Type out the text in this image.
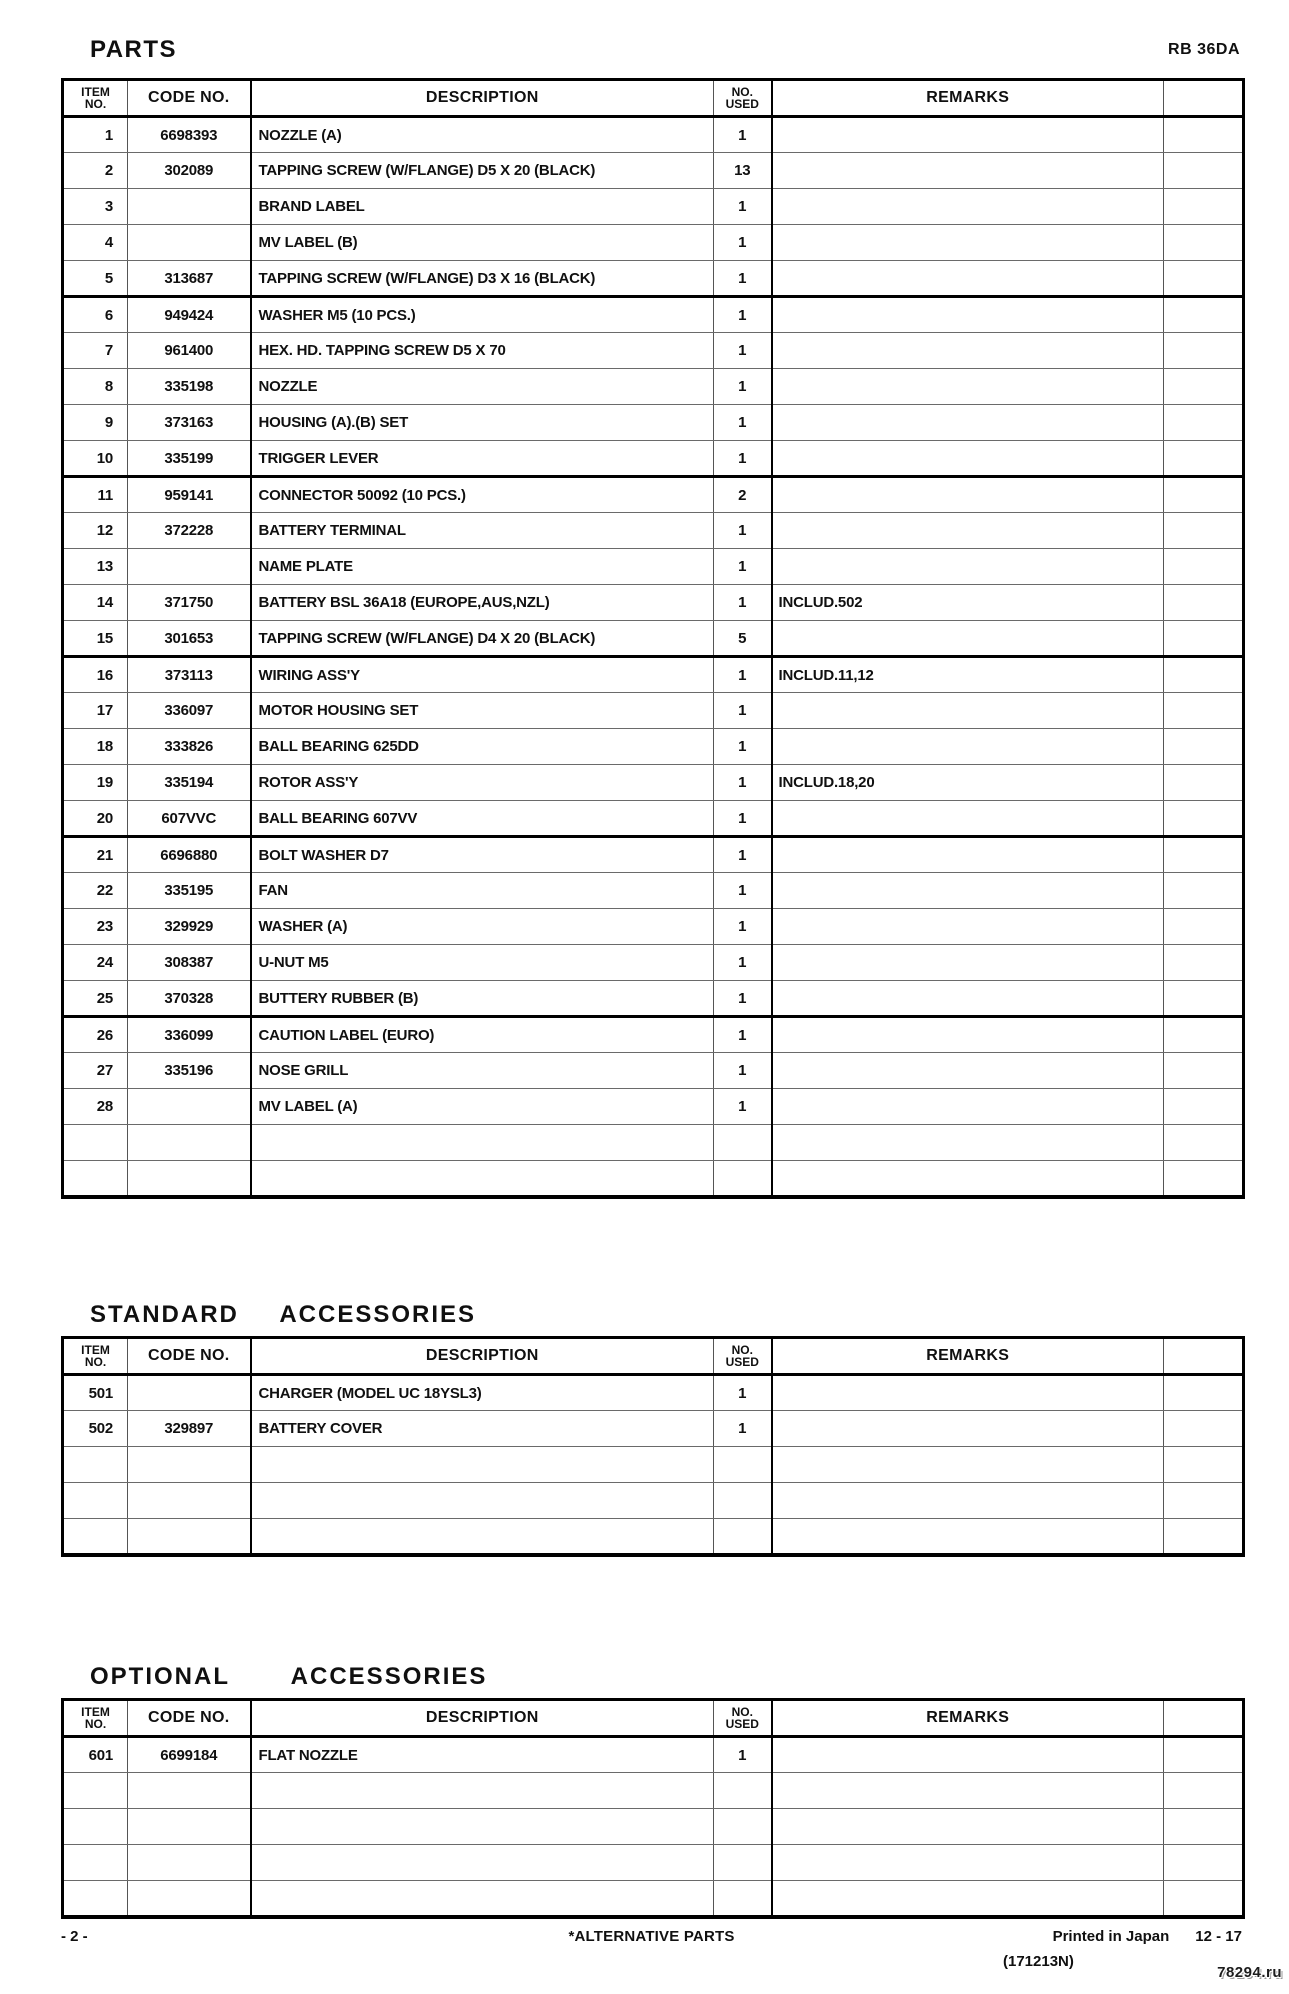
PARTS	RB 36DA
ITEM
NO.	CODE NO.	DESCRIPTION	NO.
USED	REMARKS	
1	6698393	NOZZLE (A)	1		
2	302089	TAPPING SCREW (W/FLANGE) D5 X 20 (BLACK)	13		
3		BRAND LABEL	1		
4		MV LABEL (B)	1		
5	313687	TAPPING SCREW (W/FLANGE) D3 X 16 (BLACK)	1		
6	949424	WASHER M5 (10 PCS.)	1		
7	961400	HEX. HD. TAPPING SCREW D5 X 70	1		
8	335198	NOZZLE	1		
9	373163	HOUSING (A).(B) SET	1		
10	335199	TRIGGER LEVER	1		
11	959141	CONNECTOR 50092 (10 PCS.)	2		
12	372228	BATTERY TERMINAL	1		
13		NAME PLATE	1		
14	371750	BATTERY BSL 36A18 (EUROPE,AUS,NZL)	1	INCLUD.502	
15	301653	TAPPING SCREW (W/FLANGE) D4 X 20 (BLACK)	5		
16	373113	WIRING ASS'Y	1	INCLUD.11,12	
17	336097	MOTOR HOUSING SET	1		
18	333826	BALL BEARING 625DD	1		
19	335194	ROTOR ASS'Y	1	INCLUD.18,20	
20	607VVC	BALL BEARING 607VV	1		
21	6696880	BOLT WASHER D7	1		
22	335195	FAN	1		
23	329929	WASHER (A)	1		
24	308387	U-NUT M5	1		
25	370328	BUTTERY RUBBER (B)	1		
26	336099	CAUTION LABEL (EURO)	1		
27	335196	NOSE GRILL	1		
28		MV LABEL (A)	1		

STANDARD  ACCESSORIES
ITEM
NO.	CODE NO.	DESCRIPTION	NO.
USED	REMARKS	
501		CHARGER (MODEL UC 18YSL3)	1		
502	329897	BATTERY COVER	1		

OPTIONAL   ACCESSORIES
ITEM
NO.	CODE NO.	DESCRIPTION	NO.
USED	REMARKS	
601	6699184	FLAT NOZZLE	1		

- 2 -	*ALTERNATIVE PARTS	Printed in Japan 12 - 17
(171213N)
78294.ru
